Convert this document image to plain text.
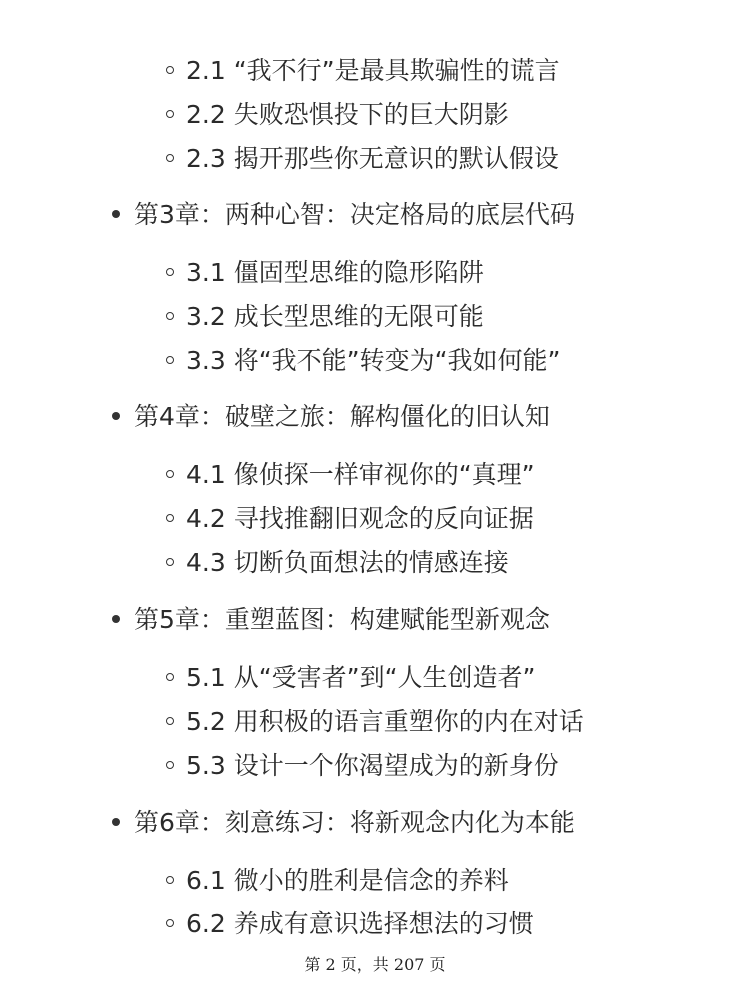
2.1 “我不行”是最具欺骗性的谎言
2.2 失败恐惧投下的巨大阴影
2.3 揭开那些你无意识的默认假设
第3章：两种心智：决定格局的底层代码
3.1 僵固型思维的隐形陷阱
3.2 成长型思维的无限可能
3.3 将“我不能”转变为“我如何能”
第4章：破壁之旅：解构僵化的旧认知
4.1 像侦探一样审视你的“真理”
4.2 寻找推翻旧观念的反向证据
4.3 切断负面想法的情感连接
第5章：重塑蓝图：构建赋能型新观念
5.1 从“受害者”到“人生创造者”
5.2 用积极的语言重塑你的内在对话
5.3 设计一个你渴望成为的新身份
第6章：刻意练习：将新观念内化为本能
6.1 微小的胜利是信念的养料
6.2 养成有意识选择想法的习惯
第 2 页，共 207 页
